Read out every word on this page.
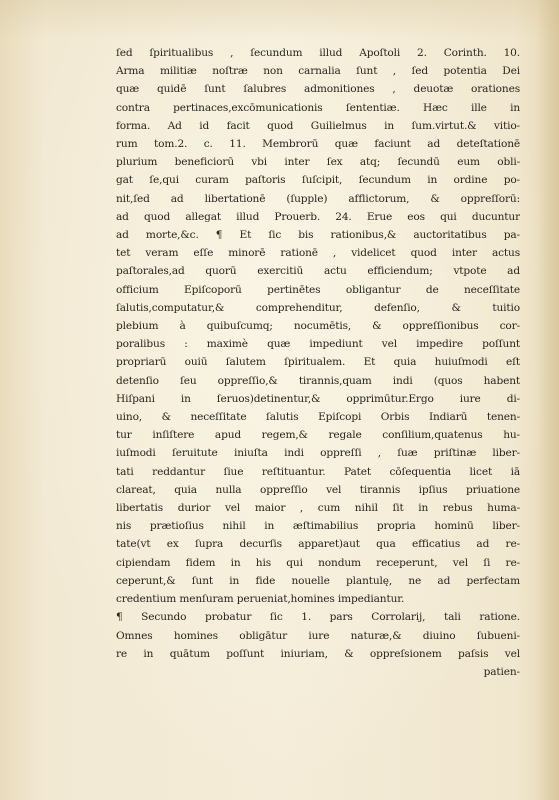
ſed ſpiritualibus , ſecundum illud Apoſtoli 2. Corinth. 10.
Arma militiæ noſtræ non carnalia ſunt , ſed potentia Dei
quæ quidē ſunt ſalubres admonitiones , deuotæ orationes
contra pertinaces,excōmunicationis ſententiæ. Hæc ille in
forma. Ad id facit quod Guilielmus in ſum.virtut.& vitio-
rum tom.2. c. 11. Membrorū quæ faciunt ad deteſtationē
plurium beneficiorū vbi inter ſex atq; ſecundū eum obli-
gat ſe,qui curam paſtoris ſuſcipit, ſecundum in ordine po-
nit,ſed ad libertationē (ſupple) afflictorum, & oppreſſorū:
ad quod allegat illud Prouerb. 24. Erue eos qui ducuntur
ad morte,&c. ¶ Et ſic bis rationibus,& auctoritatibus pa-
tet veram eſſe minorē rationē , videlicet quod inter actus
paſtorales,ad quorū exercitiū actu efficiendum; vtpote ad
officium Epiſcoporū pertinētes obligantur de neceſſitate
ſalutis,computatur,& comprehenditur, defenſio, & tuitio
plebium à quibuſcumq; nocumētis, & oppreſſionibus cor-
poralibus : maximè quæ impediunt vel impedire poſſunt
propriarū ouiū ſalutem ſpiritualem. Et quia huiuſmodi eſt
detenſio ſeu oppreſſio,& tirannis,quam indi (quos habent
Hiſpani in ſeruos)detinentur,& opprimūtur.Ergo iure di-
uino, & neceſſitate ſalutis Epiſcopi Orbis Indiarū tenen-
tur inſiſtere apud regem,& regale conſilium,quatenus hu-
iuſmodi ſeruitute iniuſta indi oppreſſi , ſuæ priſtinæ liber-
tati reddantur ſiue reſtituantur. Patet cōſequentia licet iā
clareat, quia nulla oppreſſio vel tirannis ipſius priuatione
libertatis durior vel maior , cum nihil ſit in rebus huma-
nis prætioſius nihil in æſtimabilius propria hominū liber-
tate(vt ex ſupra decurſis apparet)aut qua efficatius ad re-
cipiendam fidem in his qui nondum receperunt, vel ſi re-
ceperunt,& ſunt in fide nouelle plantulę, ne ad perfectam
credentium menſuram perueniat,homines impediantur.
¶ Secundo probatur ſic 1. pars Corrolarij, tali ratione.
Omnes homines obligātur iure naturæ,& diuino ſubueni-
re in quātum poſſunt iniuriam, & oppreſsionem paſsis vel
patien-
